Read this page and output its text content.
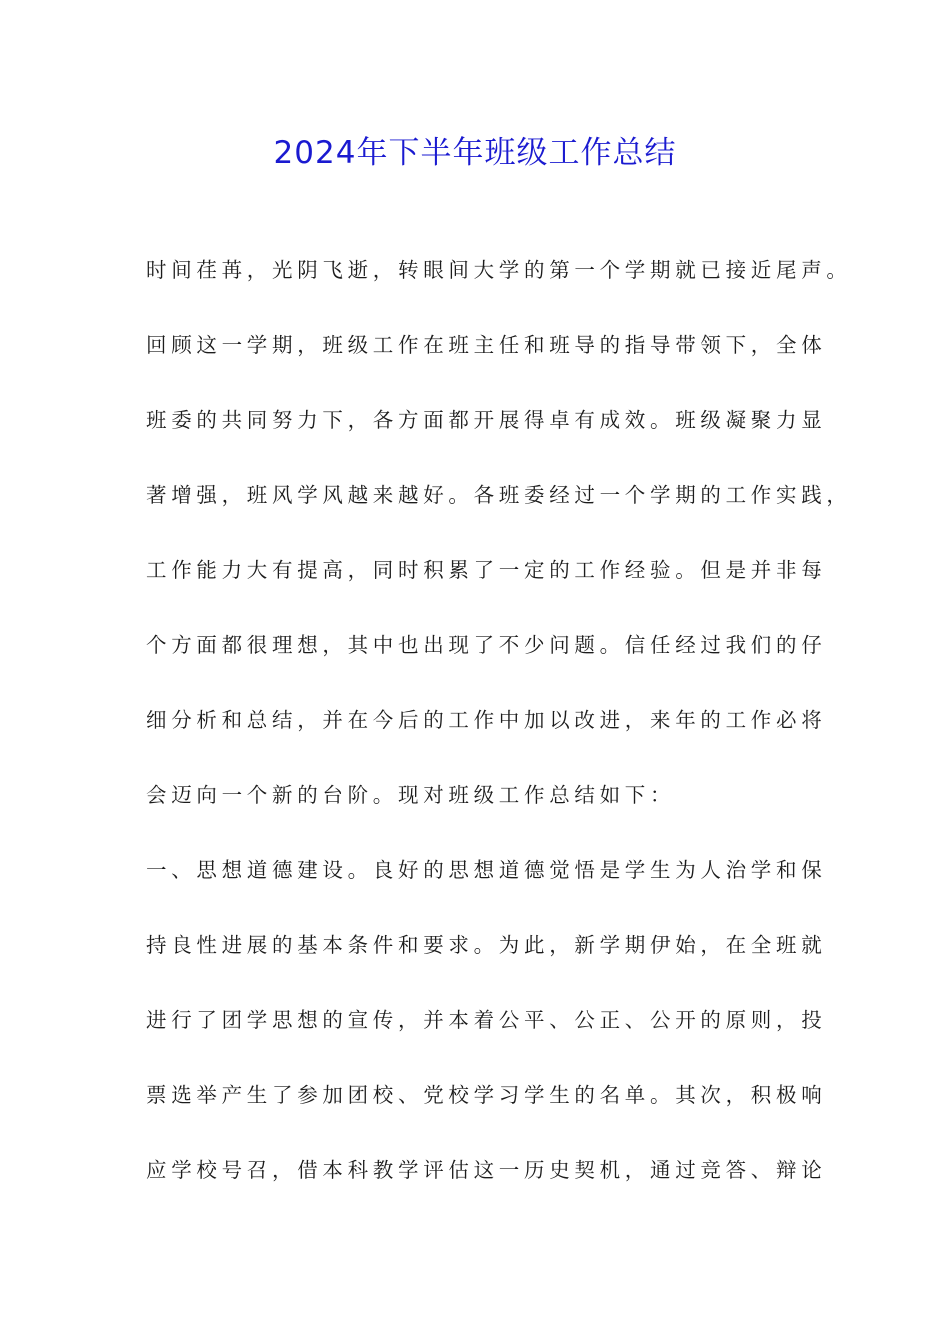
2024年下半年班级工作总结
时间荏苒，光阴飞逝，转眼间大学的第一个学期就已接近尾声。
回顾这一学期，班级工作在班主任和班导的指导带领下，全体
班委的共同努力下，各方面都开展得卓有成效。班级凝聚力显
著增强，班风学风越来越好。各班委经过一个学期的工作实践，
工作能力大有提高，同时积累了一定的工作经验。但是并非每
个方面都很理想，其中也出现了不少问题。信任经过我们的仔
细分析和总结，并在今后的工作中加以改进，来年的工作必将
会迈向一个新的台阶。现对班级工作总结如下：
一、思想道德建设。良好的思想道德觉悟是学生为人治学和保
持良性进展的基本条件和要求。为此，新学期伊始，在全班就
进行了团学思想的宣传，并本着公平、公正、公开的原则，投
票选举产生了参加团校、党校学习学生的名单。其次，积极响
应学校号召，借本科教学评估这一历史契机，通过竞答、辩论
